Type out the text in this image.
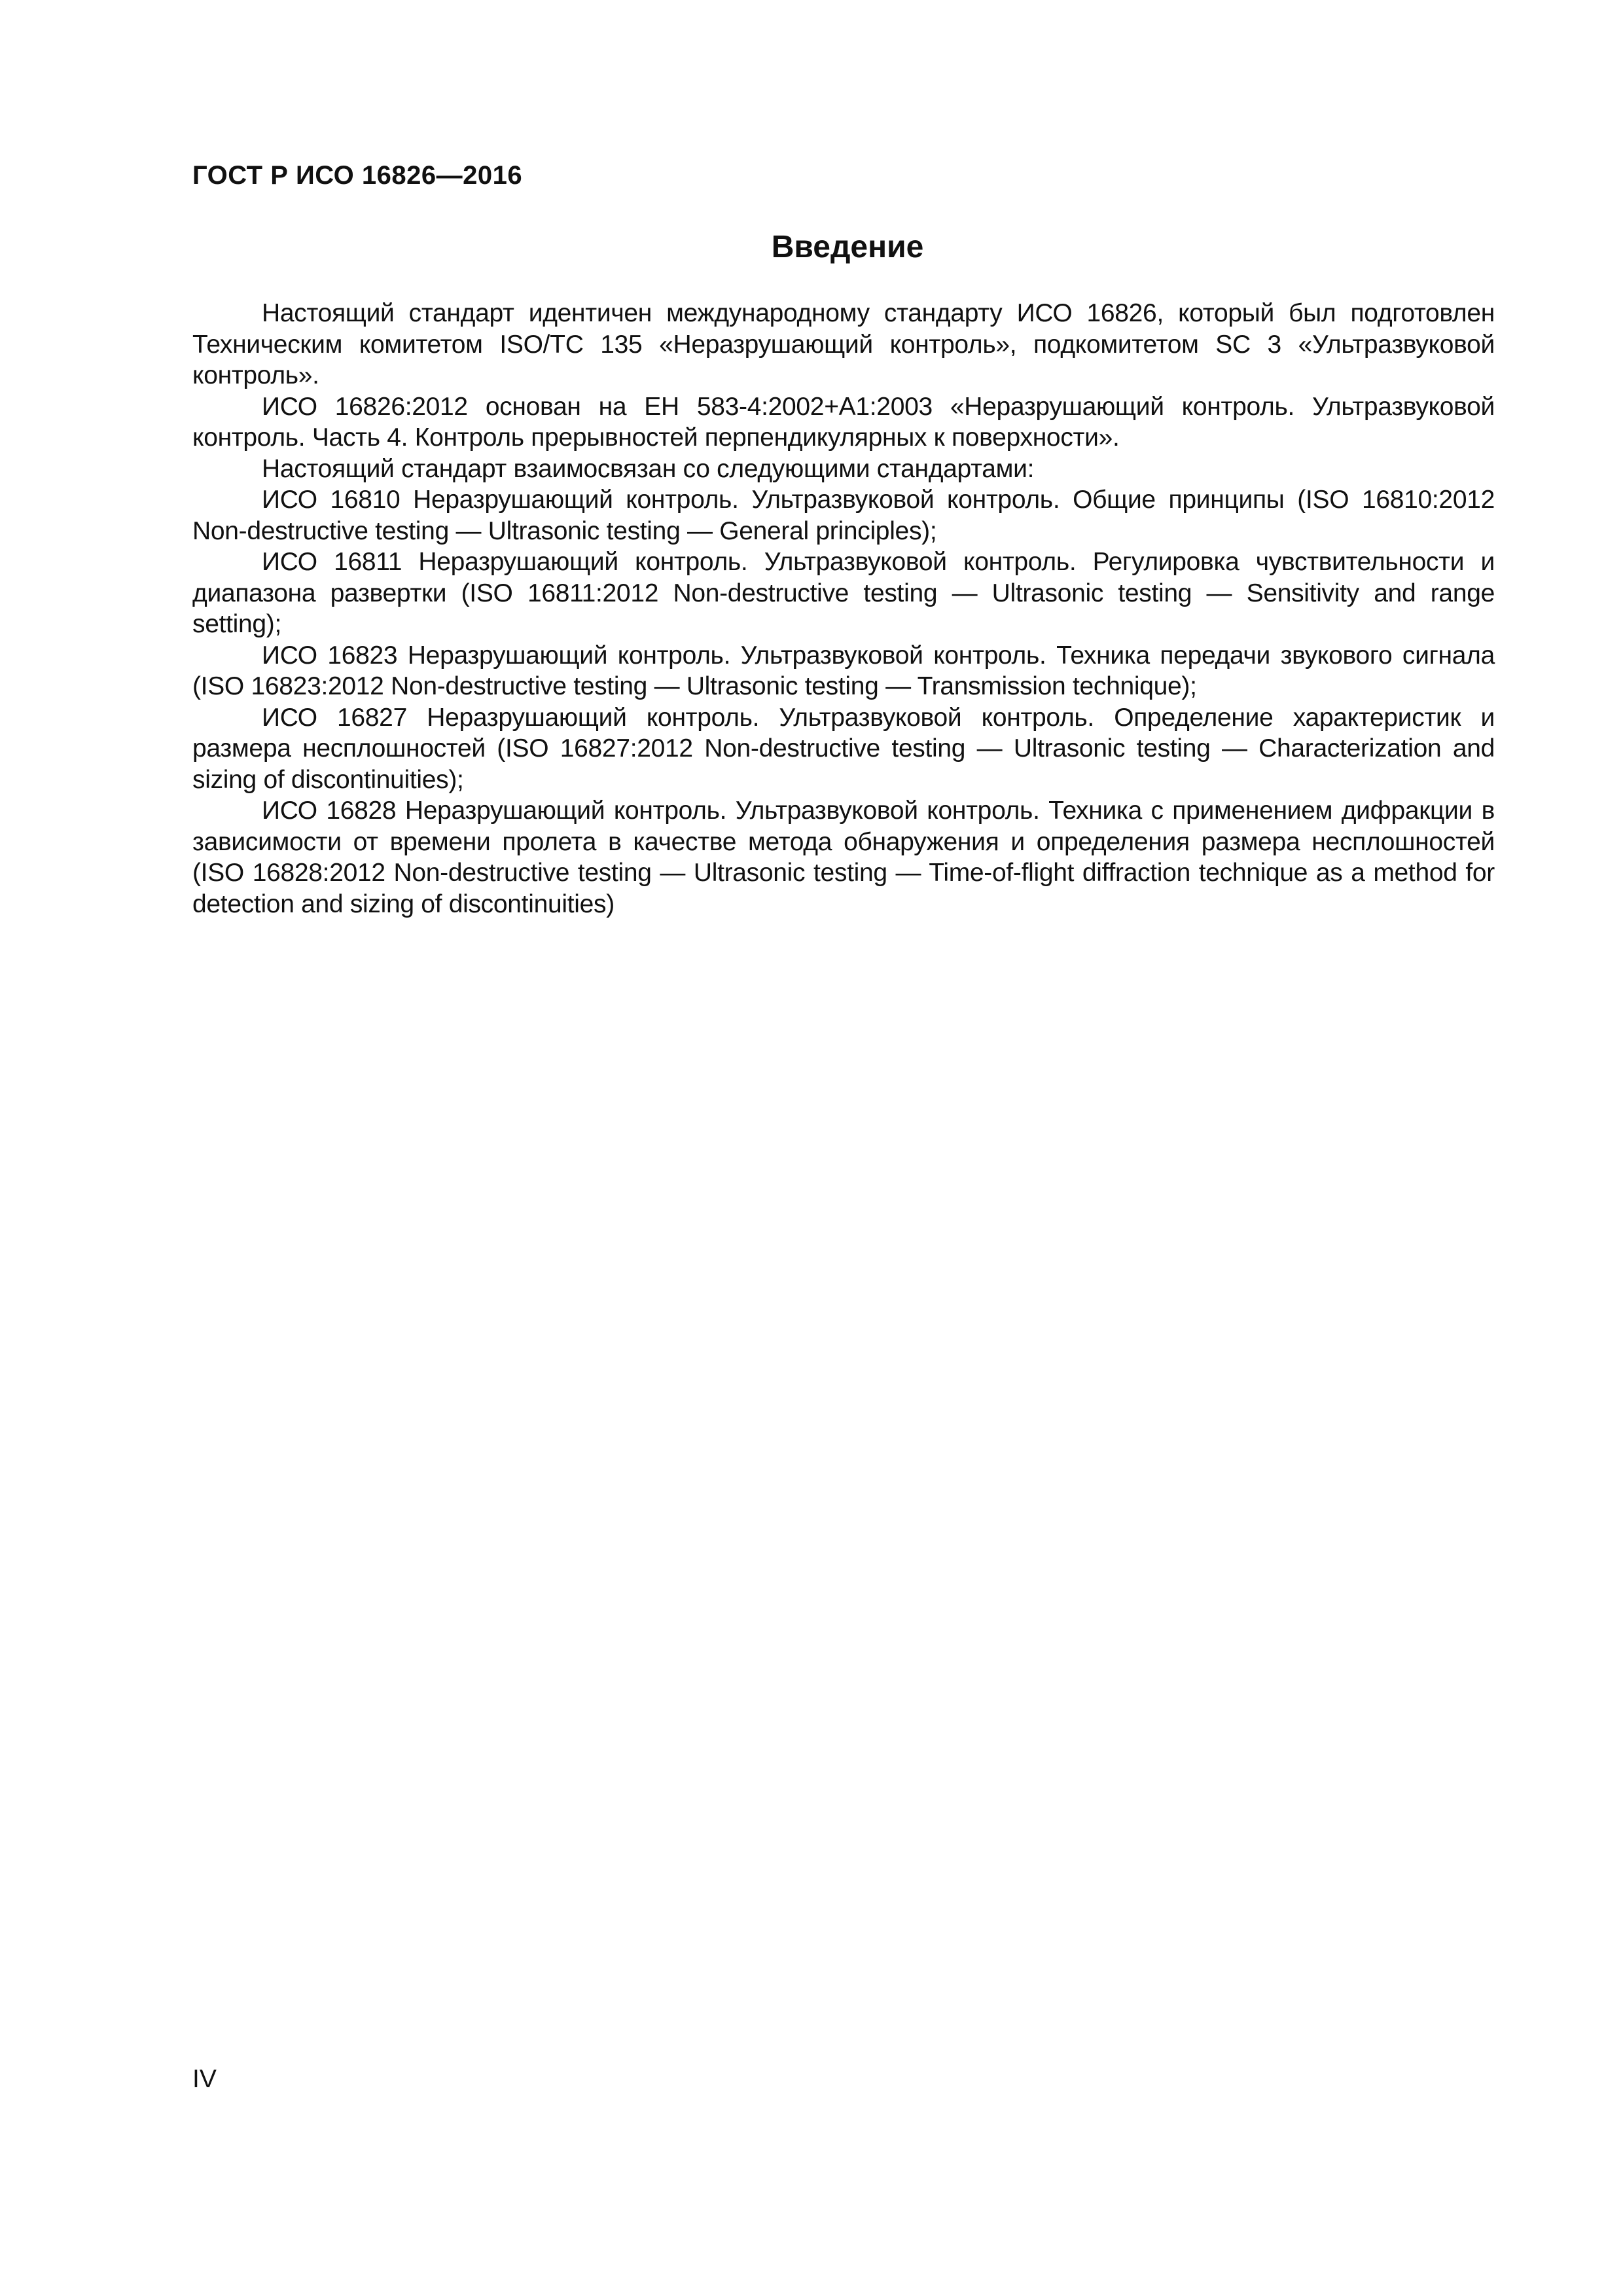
ГОСТ Р ИСО 16826—2016
Введение

Настоящий стандарт идентичен международному стандарту ИСО 16826, который был подготовлен Техническим комитетом ISO/TC 135 «Неразрушающий контроль», подкомитетом SC 3 «Ультразвуковой контроль».

ИСО 16826:2012 основан на ЕН 583-4:2002+А1:2003 «Неразрушающий контроль. Ультразвуковой контроль. Часть 4. Контроль прерывностей перпендикулярных к поверхности».

Настоящий стандарт взаимосвязан со следующими стандартами:

ИСО 16810 Неразрушающий контроль. Ультразвуковой контроль. Общие принципы (ISO 16810:2012 Non-destructive testing — Ultrasonic testing — General principles);

ИСО 16811 Неразрушающий контроль. Ультразвуковой контроль. Регулировка чувствительности и диапазона развертки (ISO 16811:2012 Non-destructive testing — Ultrasonic testing — Sensitivity and range setting);

ИСО 16823 Неразрушающий контроль. Ультразвуковой контроль. Техника передачи звукового сигнала (ISO 16823:2012 Non-destructive testing — Ultrasonic testing — Transmission technique);

ИСО 16827 Неразрушающий контроль. Ультразвуковой контроль. Определение характеристик и размера несплошностей (ISO 16827:2012 Non-destructive testing — Ultrasonic testing — Characterization and sizing of discontinuities);

ИСО 16828 Неразрушающий контроль. Ультразвуковой контроль. Техника с применением дифракции в зависимости от времени пролета в качестве метода обнаружения и определения размера несплошностей (ISO 16828:2012 Non-destructive testing — Ultrasonic testing — Time-of-flight diffraction technique as a method for detection and sizing of discontinuities)

IV
